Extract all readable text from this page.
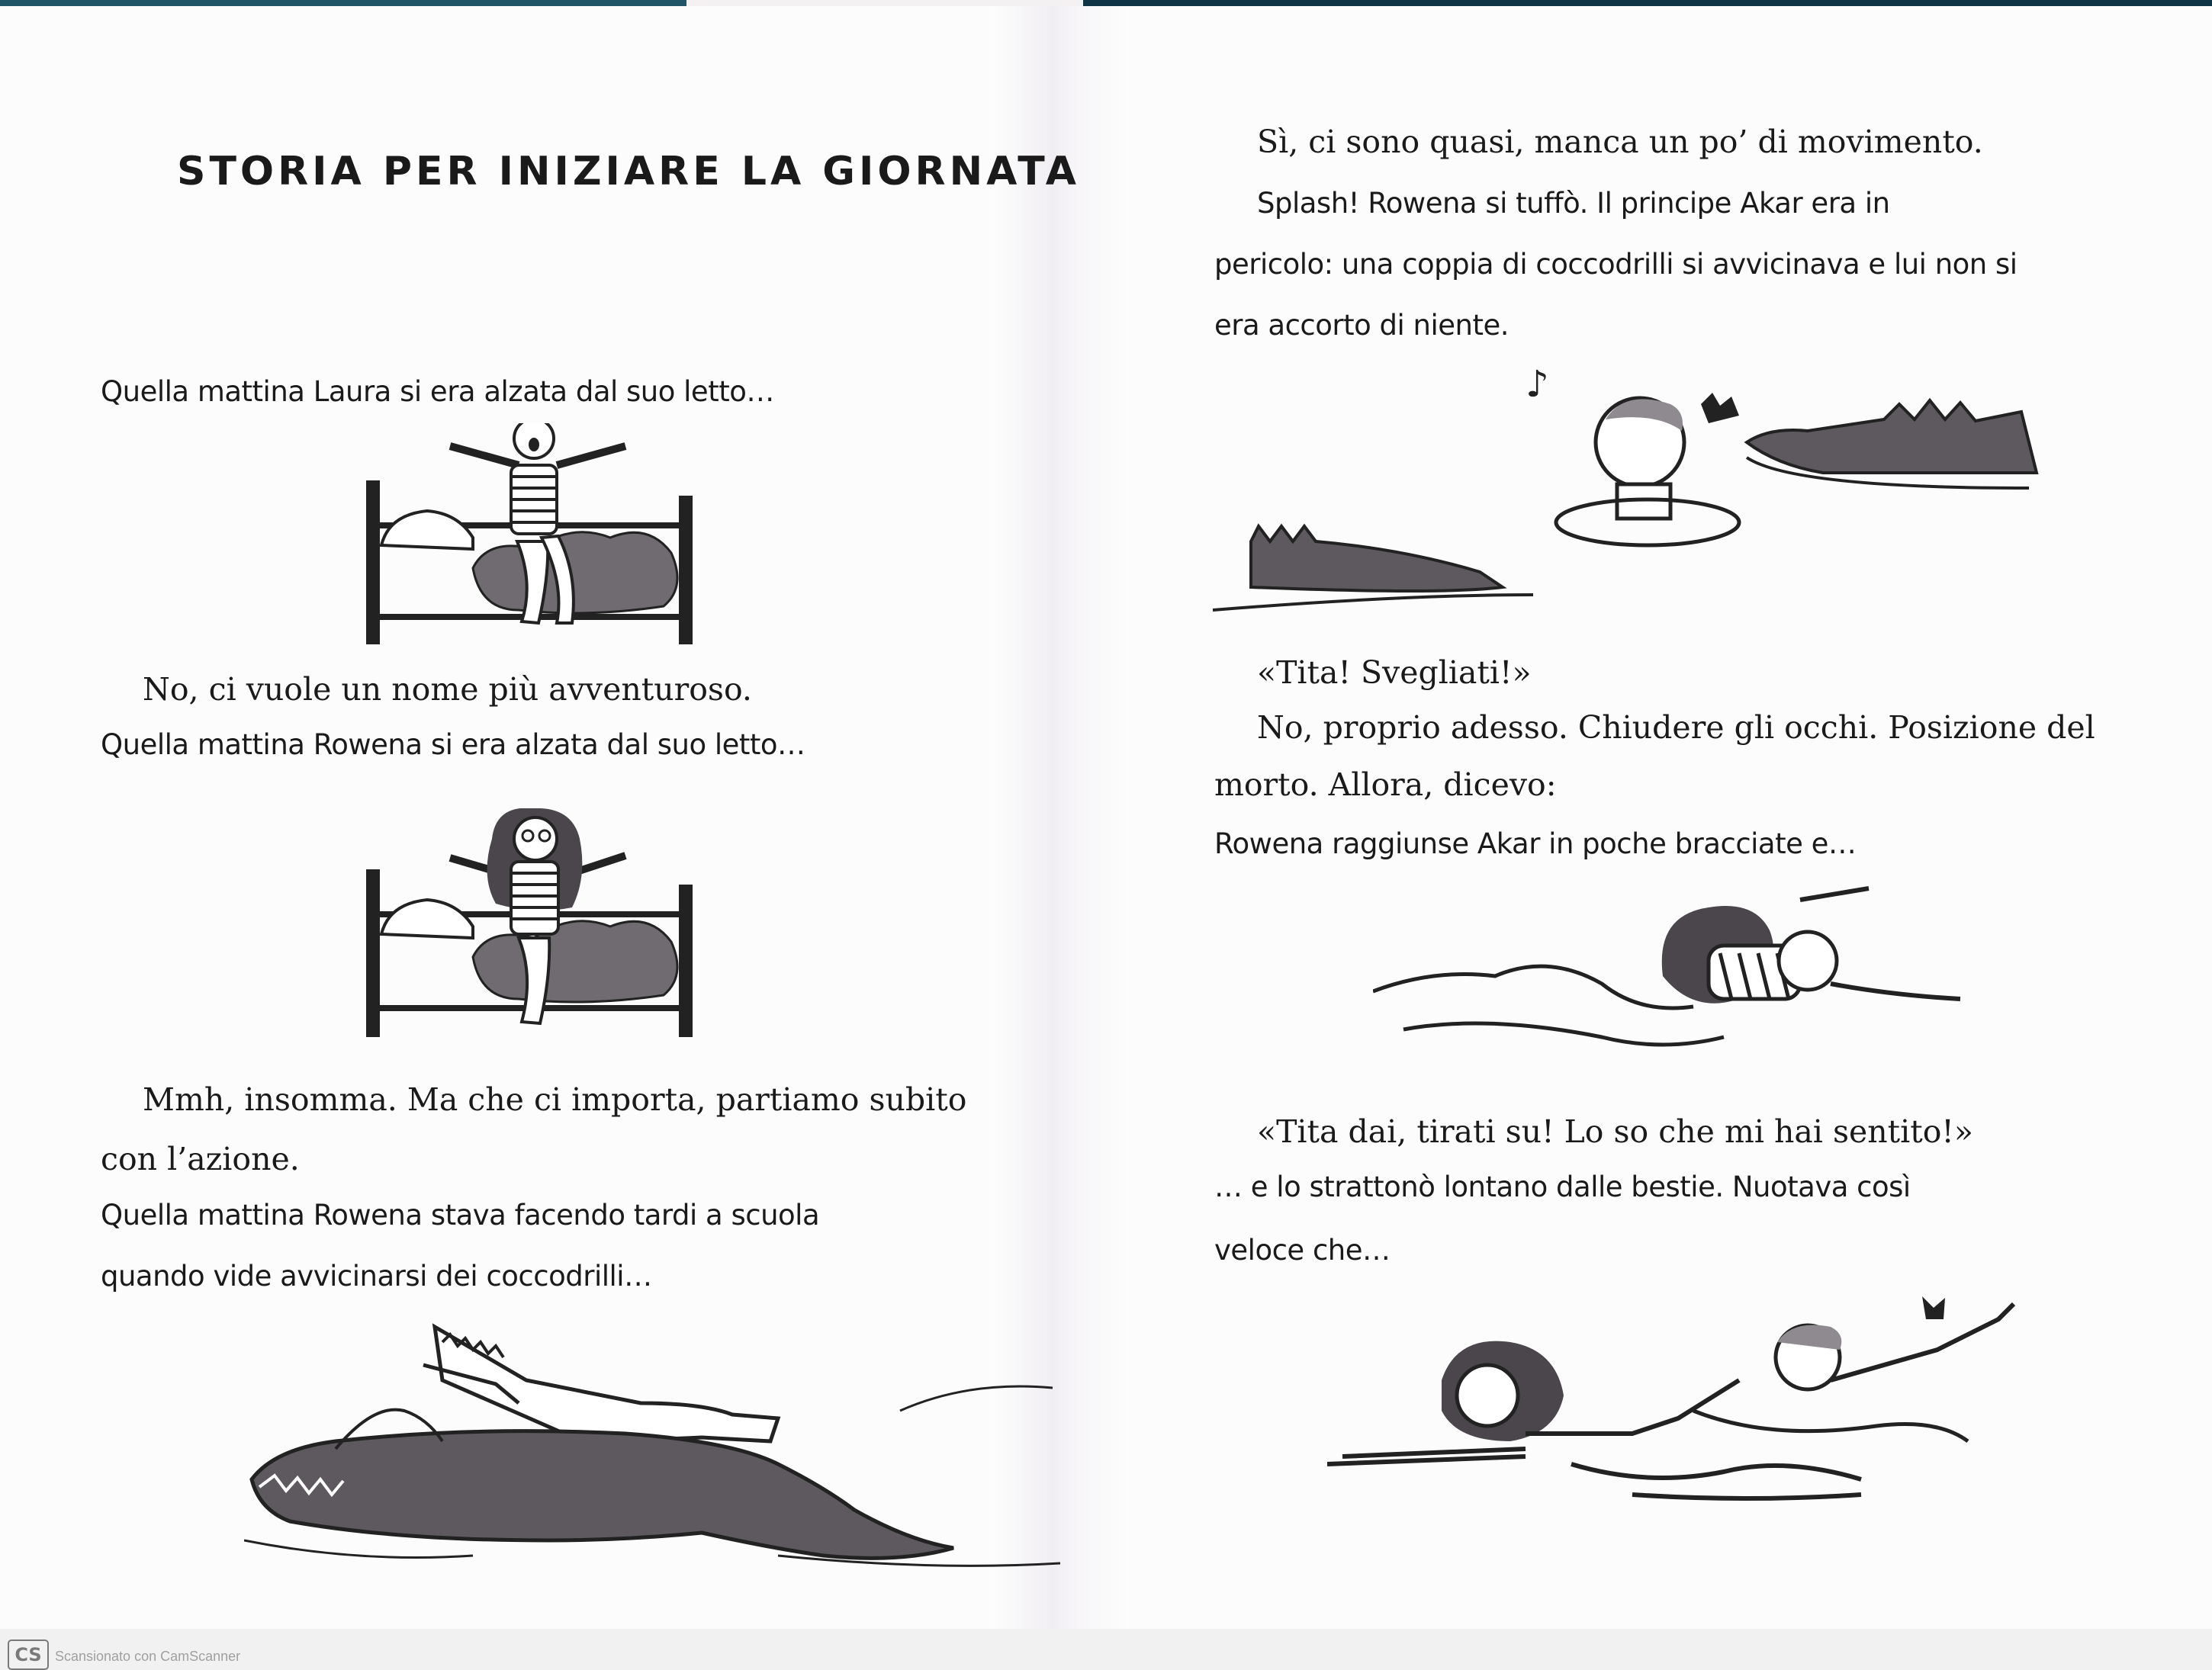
STORIA PER INIZIARE LA GIORNATA

Quella mattina Laura si era alzata dal suo letto…

No, ci vuole un nome più avventuroso.

Quella mattina Rowena si era alzata dal suo letto…

Mmh, insomma. Ma che ci importa, partiamo subito

con l’azione.

Quella mattina Rowena stava facendo tardi a scuola

quando vide avvicinarsi dei coccodrilli…

Sì, ci sono quasi, manca un po’ di movimento.

Splash! Rowena si tuffò. Il principe Akar era in

pericolo: una coppia di coccodrilli si avvicinava e lui non si

era accorto di niente.

«Tita! Svegliati!»

No, proprio adesso. Chiudere gli occhi. Posizione del

morto. Allora, dicevo:

Rowena raggiunse Akar in poche bracciate e…

«Tita dai, tirati su! Lo so che mi hai sentito!»

… e lo strattonò lontano dalle bestie. Nuotava così

veloce che…

♪
CS Scansionato con CamScanner
